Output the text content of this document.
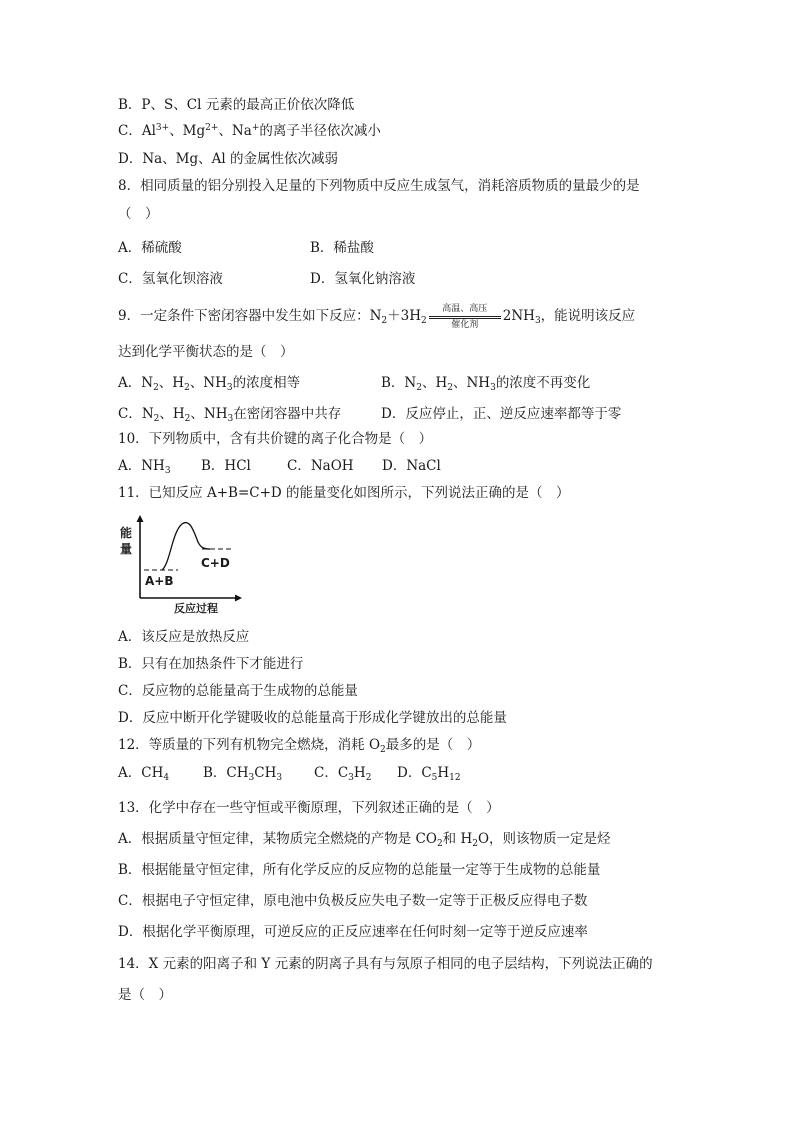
B．P、S、Cl 元素的最高正价依次降低
C．$Al^{3+}$、$Mg^{2+}$、Na+的离子半径依次减小
D．Na、Mg、Al 的金属性依次减弱
8．相同质量的铝分别投入足量的下列物质中反应生成氢气，消耗溶质物质的量最少的是
（　）
A．稀硫酸	B．稀盐酸
C．氢氧化钡溶液	D．氢氧化钠溶液
9．一定条件下密闭容器中发生如下反应：$N_2+3H_2$
高温、高压
催化剂
$2NH_3$，能说明该反应
达到化学平衡状态的是（　）
A．$N_2$、$H_2$、$NH_3$的浓度相等	B．$N_2$、$H_2$、$NH_3$的浓度不再变化
C．$N_2$、$H_2$、$NH_3$在密闭容器中共存	D．反应停止，正、逆反应速率都等于零
10．下列物质中，含有共价键的离子化合物是（　）
A．$NH_3$ B．HCl	C．NaOH D．NaCl
11．已知反应 A+B=C+D 的能量变化如图所示，下列说法正确的是（　）
能
量
A+B
C+D
反应过程
A．该反应是放热反应
B．只有在加热条件下才能进行
C．反应物的总能量高于生成物的总能量
D．反应中断开化学键吸收的总能量高于形成化学键放出的总能量
12．等质量的下列有机物完全燃烧，消耗 $O_2$最多的是（　）
A．$CH_4$	B．$CH_3CH_3$ C．$C_3H_2$ D．$C_5H_{12}$
13．化学中存在一些守恒或平衡原理，下列叙述正确的是（　）
A．根据质量守恒定律，某物质完全燃烧的产物是 $CO_2$和 $H_2O$，则该物质一定是烃
B．根据能量守恒定律，所有化学反应的反应物的总能量一定等于生成物的总能量
C．根据电子守恒定律，原电池中负极反应失电子数一定等于正极反应得电子数
D．根据化学平衡原理，可逆反应的正反应速率在任何时刻一定等于逆反应速率
14．X 元素的阳离子和 Y 元素的阴离子具有与氖原子相同的电子层结构，下列说法正确的
是（　）
